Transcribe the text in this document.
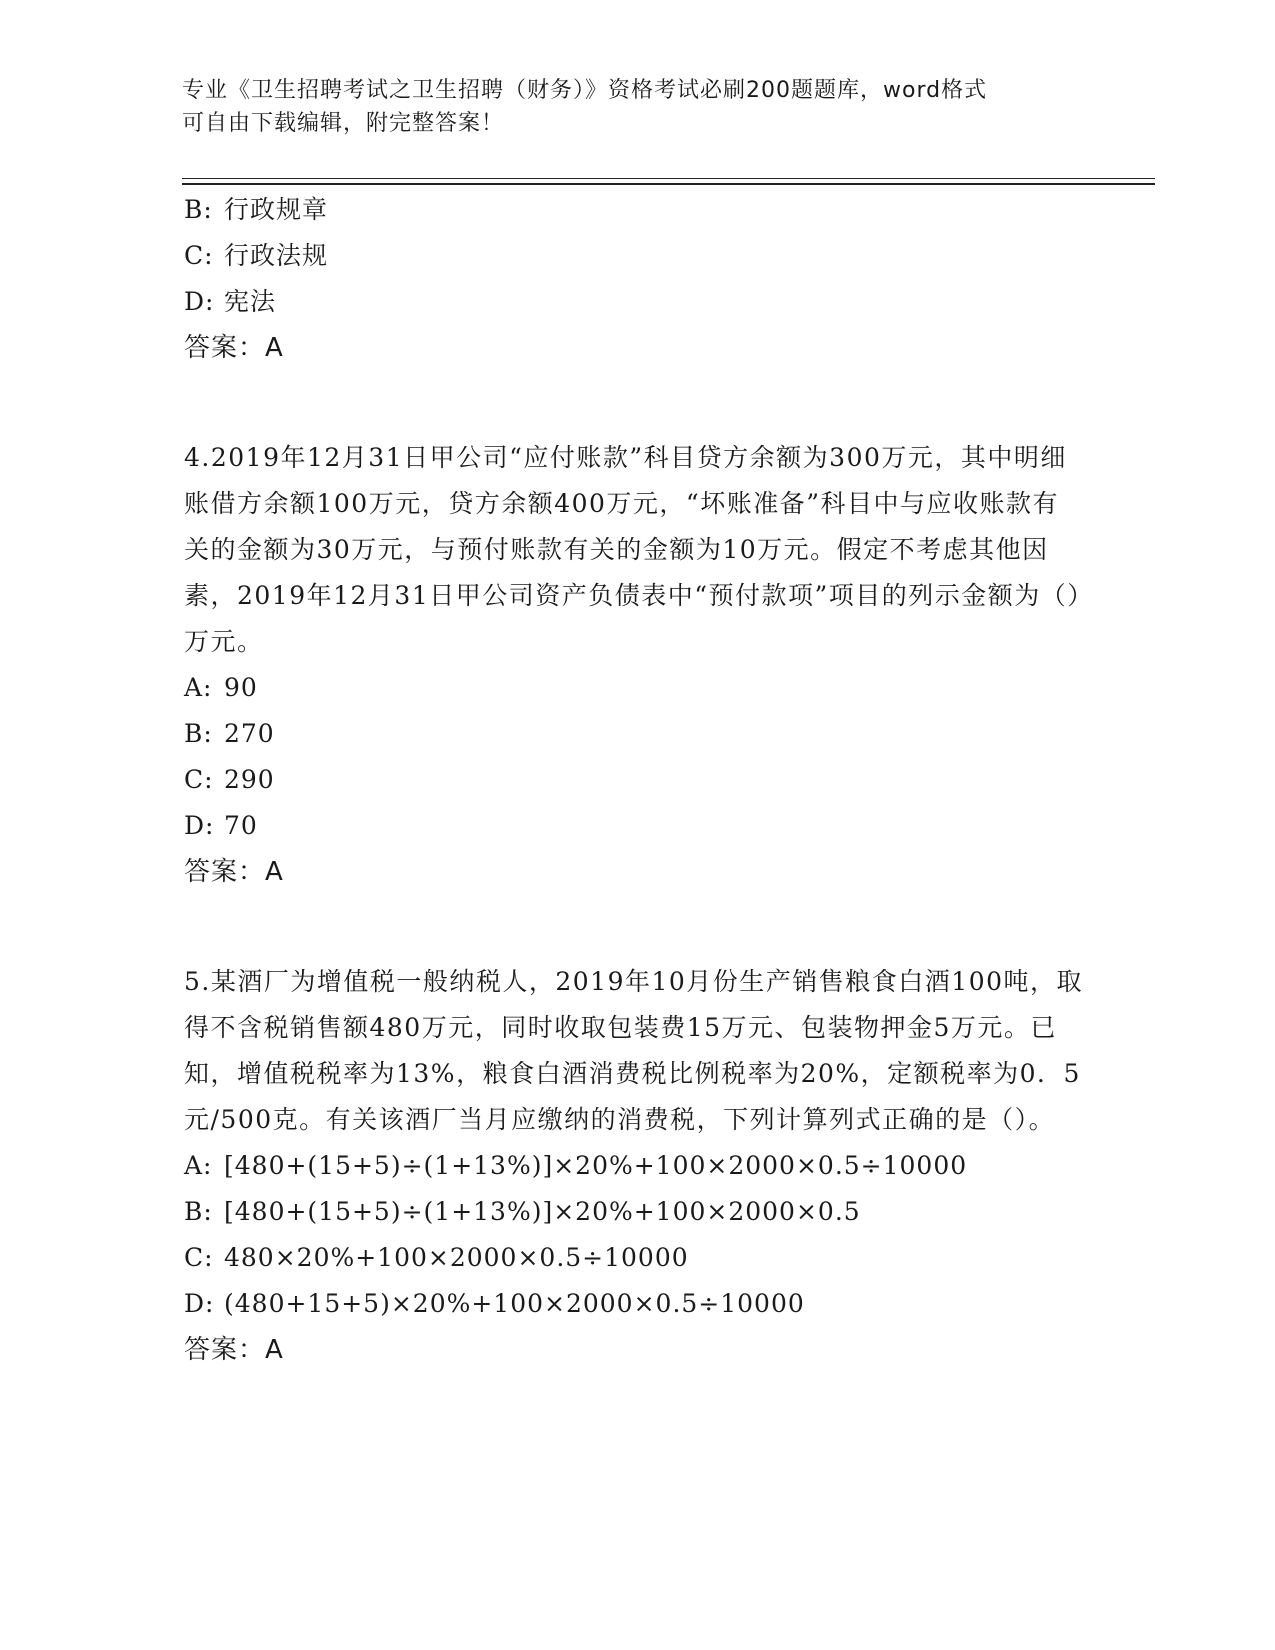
专业《卫生招聘考试之卫生招聘（财务）》资格考试必刷200题题库，word格式
可自由下载编辑，附完整答案！
B: 行政规章
C: 行政法规
D: 宪法
答案：A
4.2019年12月31日甲公司“应付账款”科目贷方余额为300万元，其中明细账借方余额100万元，贷方余额400万元，“坏账准备”科目中与应收账款有关的金额为30万元，与预付账款有关的金额为10万元。假定不考虑其他因素，2019年12月31日甲公司资产负债表中“预付款项”项目的列示金额为（）万元。
A: 90
B: 270
C: 290
D: 70
答案：A
5.某酒厂为增值税一般纳税人，2019年10月份生产销售粮食白酒100吨，取得不含税销售额480万元，同时收取包装费15万元、包装物押金5万元。已知，增值税税率为13%，粮食白酒消费税比例税率为20%，定额税率为0．5元/500克。有关该酒厂当月应缴纳的消费税，下列计算列式正确的是（）。
A: [480+(15+5)÷(1+13%)]×20%+100×2000×0.5÷10000
B: [480+(15+5)÷(1+13%)]×20%+100×2000×0.5
C: 480×20%+100×2000×0.5÷10000
D: (480+15+5)×20%+100×2000×0.5÷10000
答案：A
